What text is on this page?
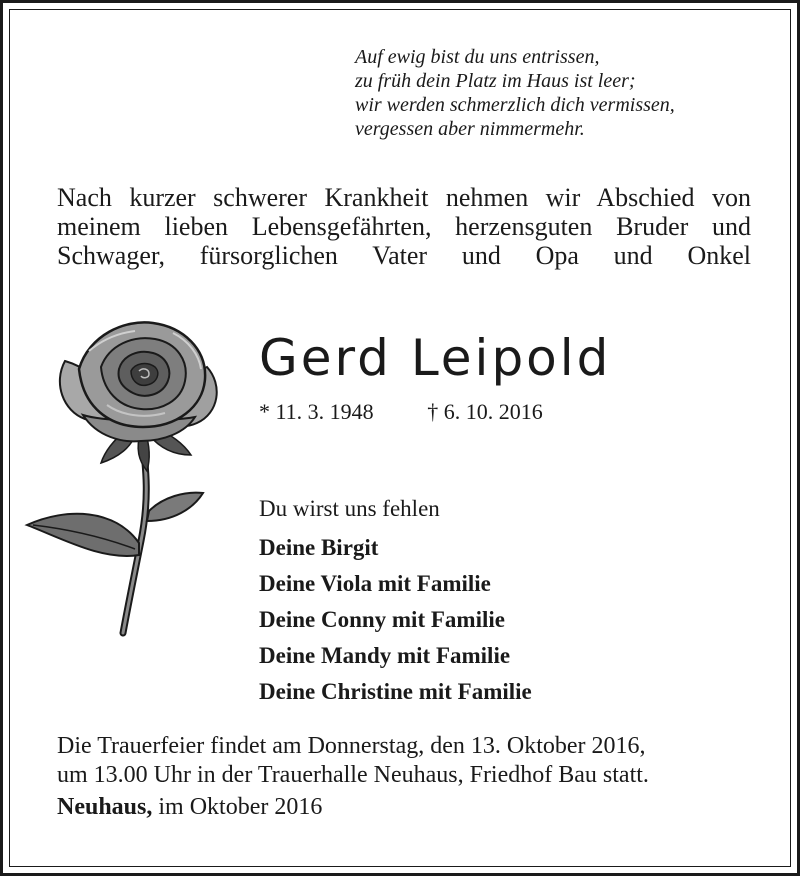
Auf ewig bist du uns entrissen,
zu früh dein Platz im Haus ist leer;
wir werden schmerzlich dich vermissen,
vergessen aber nimmermehr.
Nach kurzer schwerer Krankheit nehmen wir Abschied von
meinem lieben Lebensgefährten, herzensguten Bruder und
Schwager, fürsorglichen Vater und Opa und Onkel
Gerd Leipold
* 11. 3. 1948 † 6. 10. 2016
Du wirst uns fehlen
Deine Birgit
Deine Viola mit Familie
Deine Conny mit Familie
Deine Mandy mit Familie
Deine Christine mit Familie
Die Trauerfeier findet am Donnerstag, den 13. Oktober 2016,
um 13.00 Uhr in der Trauerhalle Neuhaus, Friedhof Bau statt.
Neuhaus, im Oktober 2016
